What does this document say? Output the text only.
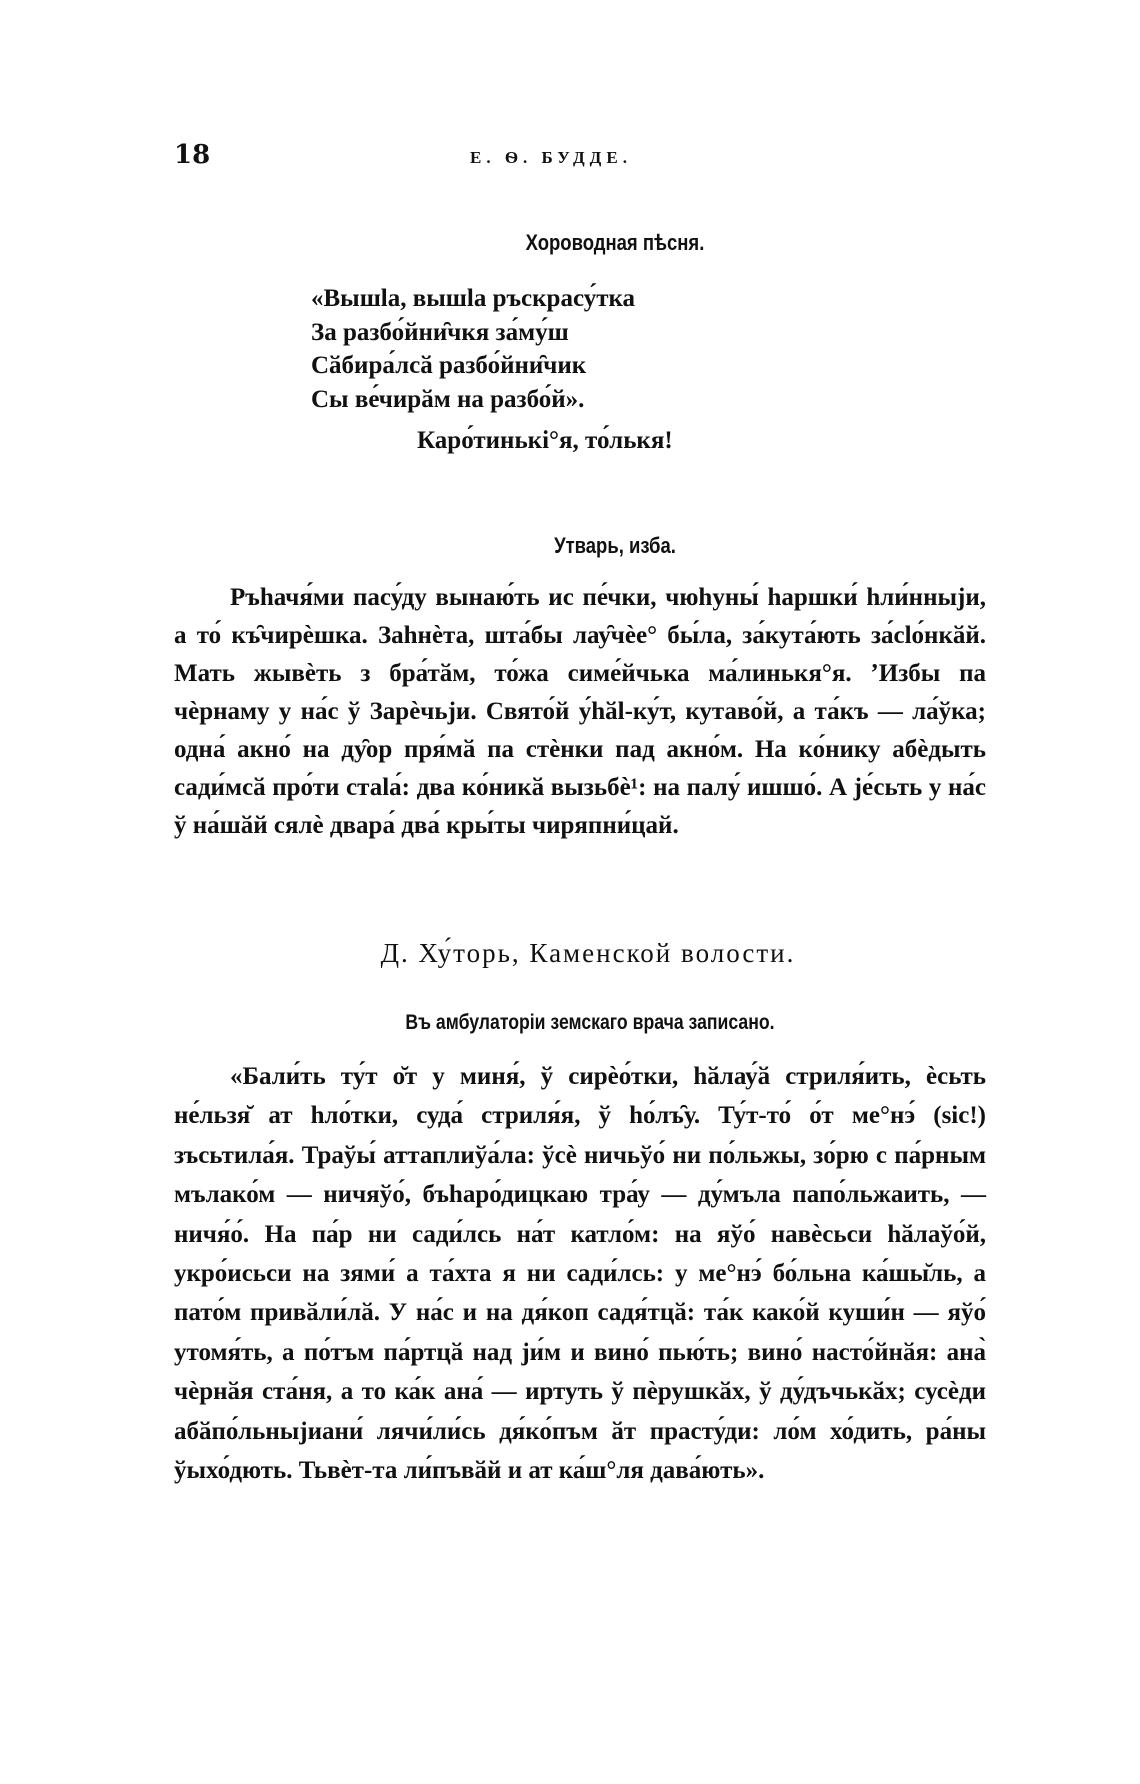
18	Е. Ѳ. БУДДЕ.
Хороводная пѣсня.
«Вышla, вышla ръскрасу́тка
За разбо́йни̑чкя за́му́ш
Сӑбира́лсӑ разбо́йни̑чик
Сы ве́чирӑм на разбо́й».
Каро́тинькі°я, то́лькя!
Утварь, изба.

Ръhачя́ми пасу́ду вынаю́ть ис пе́чки, чюhуны́ hаршки́ hли́нныји, а то́ къ̑чирѐшка. Заhнѐта, шта́бы лау̑чѐе° бы́ла, за́кута́ють за́сlо́нкӑй. Мать жывѐть з бра́тӑм, то́жа симе́йчька ма́линькя°я. ʼИзбы па чѐрнаму у на́с ў Зарѐчьји. Свято́й у́hӑl-ку́т, кутаво́й, а та́къ — ла́ўка; одна́ акно́ на ду̑ор пря́мӑ па стѐнки пад акно́м. На ко́нику абѐдыть сади́мсӑ про́ти стаlа́: два ко́никӑ вызьбѐ¹: на палу́ ишшо́. А је́сьть у на́с ў на́шӑй сялѐ двара́ два́ кры́ты чиряпни́цай.

Д. Ху́торь, Каменской волости.
Въ амбулаторіи земскаго врача записано.

«Бали́ть ту́т о̆т у миня́, ў сирѐо́тки, hӑлау́ӑ стриля́ить, ѐсьть не́льзя̆ ат hло́тки, суда́ стриля́я, ў hо́лъ̑у. Ту́т-то́ о́т ме°нэ́ (sic!) зъсьтила́я. Траўы́ аттаплиўа́ла: ўсѐ ничьўо́ ни по́льжы, зо́рю с па́рным мълако́м — ничяўо́, бъhаро́дицкаю тра́у — ду́мъла папо́льжаить, — ничя́о́. На па́р ни сади́лсь на́т катло́м: на яўо́ навѐсьси hӑлаўо́й, укро́исьси на зями́ а та́хта я ни сади́лсь: у ме°нэ́ бо́льна ка́шы̆ль, а пато́м привӑли́лӑ. У на́с и на дя́коп садя́тцӑ: та́к како́й куши́н — яўо́ утомя́ть, а по́тъм па́ртцӑ над ји́м и вино́ пью́ть; вино́ насто́йнӑя: ана̀ чѐрнӑя ста́ня, а то ка́к ана́ — иртуть ў пѐрушкӑх, ў ду́дъчькӑх; сусѐди абӑпо́льныјиани́ лячи́ли́сь дя́ко́пъм ӑт прасту́ди: ло́м хо́дить, ра́ны ўыхо́дють. Тьвѐт-та ли́пъвӑй и ат ка́ш°ля дава́ють».
